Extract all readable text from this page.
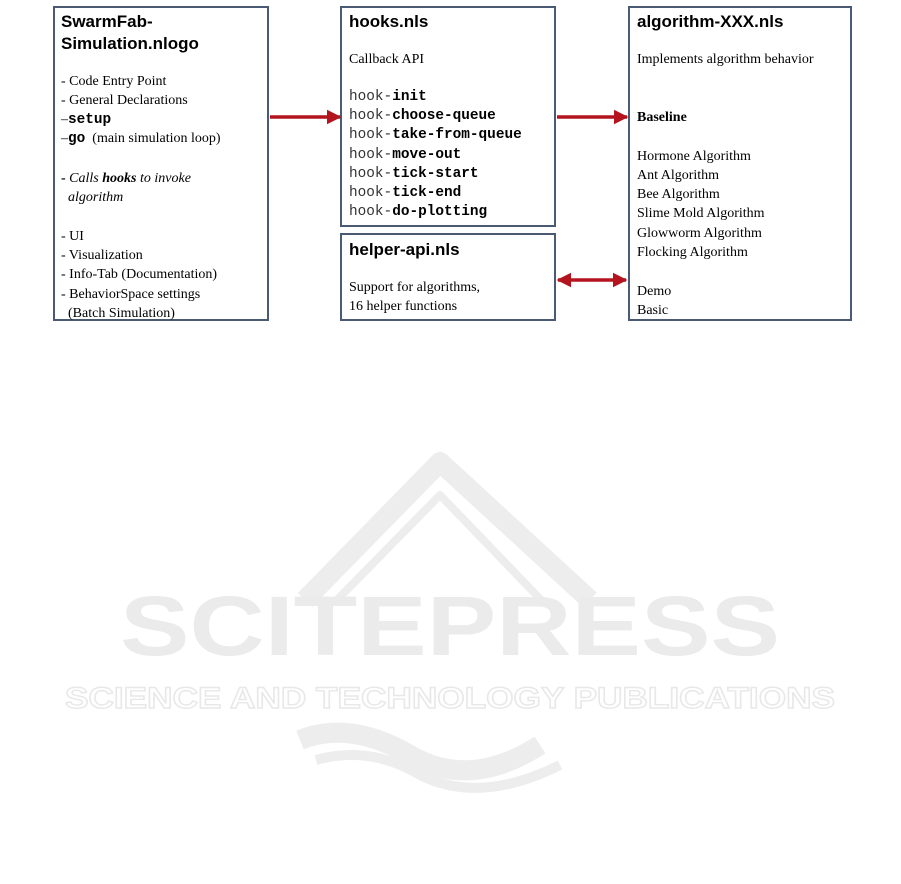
SCITEPRESS
SCIENCE AND TECHNOLOGY PUBLICATIONS
SwarmFab-
Simulation.nlogo
- Code Entry Point
- General Declarations
–setup
–go (main simulation loop)
- Calls hooks to invoke
algorithm
- UI
- Visualization
- Info-Tab (Documentation)
- BehaviorSpace settings
(Batch Simulation)
hooks.nls
Callback API
hook-init
hook-choose-queue
hook-take-from-queue
hook-move-out
hook-tick-start
hook-tick-end
hook-do-plotting
helper-api.nls
Support for algorithms,
16 helper functions
algorithm-XXX.nls
Implements algorithm behavior
Baseline
Hormone Algorithm
Ant Algorithm
Bee Algorithm
Slime Mold Algorithm
Glowworm Algorithm
Flocking Algorithm
Demo
Basic
